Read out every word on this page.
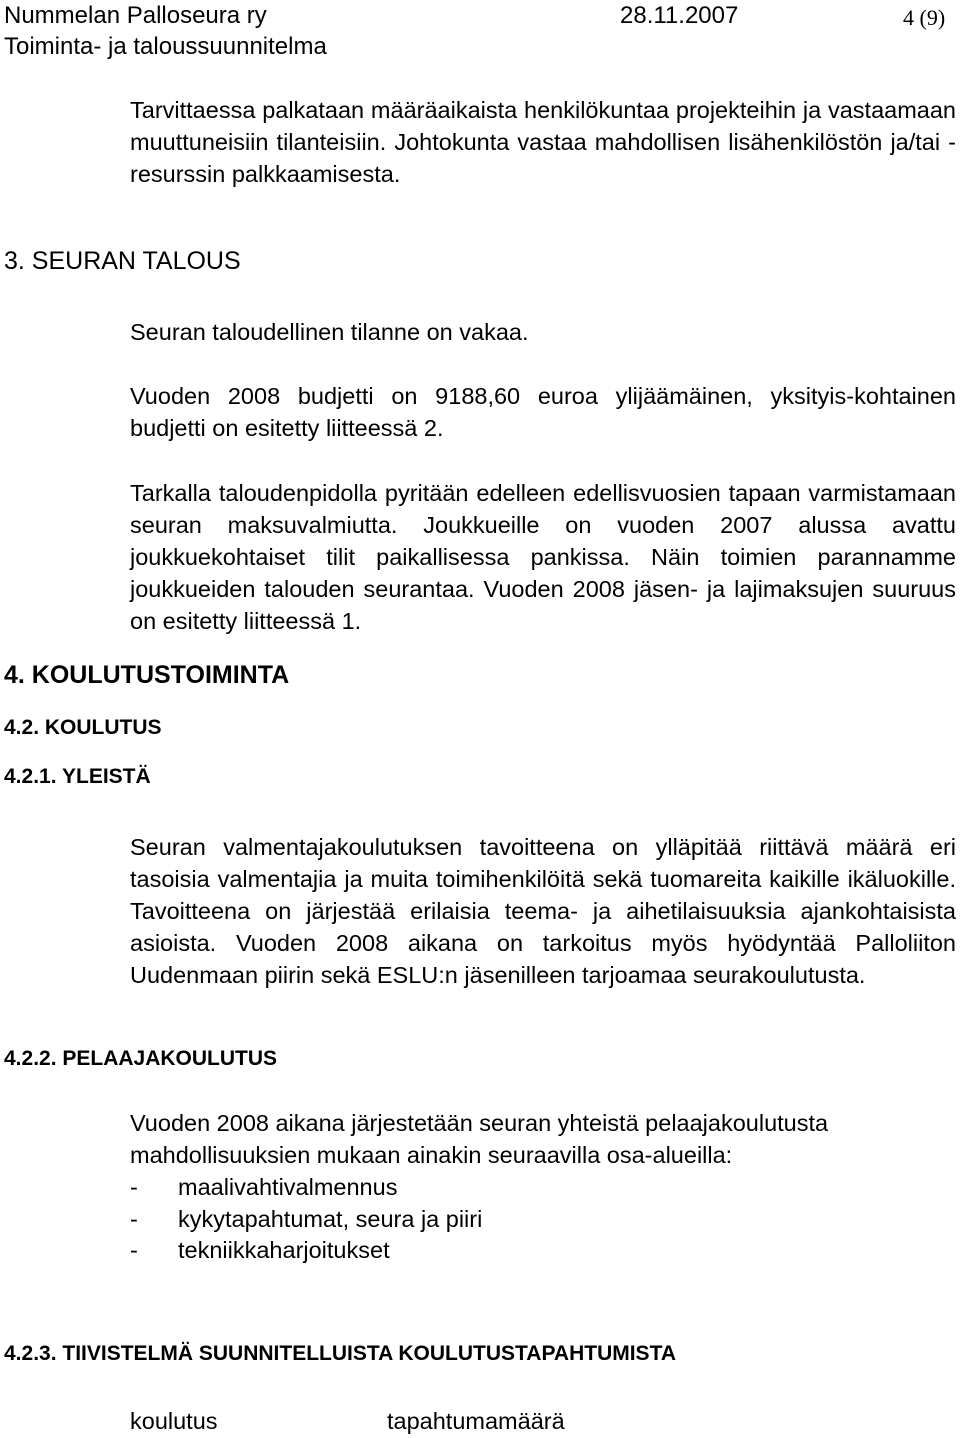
Nummelan Palloseura ry	28.11.2007	4 (9)
Toiminta- ja taloussuunnitelma
Tarvittaessa palkataan määräaikaista henkilökuntaa projekteihin ja vastaamaan muuttuneisiin tilanteisiin. Johtokunta vastaa mahdollisen lisähenkilöstön ja/tai -resurssin palkkaamisesta.
3. SEURAN TALOUS
Seuran taloudellinen tilanne on vakaa.
Vuoden 2008 budjetti on 9188,60 euroa ylijäämäinen, yksityis-kohtainen budjetti on esitetty liitteessä 2.
Tarkalla taloudenpidolla pyritään edelleen edellisvuosien tapaan varmistamaan seuran maksuvalmiutta. Joukkueille on vuoden 2007 alussa avattu joukkuekohtaiset tilit paikallisessa pankissa. Näin toimien parannamme joukkueiden talouden seurantaa. Vuoden 2008 jäsen- ja lajimaksujen suuruus on esitetty liitteessä 1.
4. KOULUTUSTOIMINTA
4.2. KOULUTUS
4.2.1. YLEISTÄ
Seuran valmentajakoulutuksen tavoitteena on ylläpitää riittävä määrä eri tasoisia valmentajia ja muita toimihenkilöitä sekä tuomareita kaikille ikäluokille. Tavoitteena on järjestää erilaisia teema- ja aihetilaisuuksia ajankohtaisista asioista. Vuoden 2008 aikana on tarkoitus myös hyödyntää Palloliiton Uudenmaan piirin sekä ESLU:n jäsenilleen tarjoamaa seurakoulutusta.
4.2.2. PELAAJAKOULUTUS
Vuoden 2008 aikana järjestetään seuran yhteistä pelaajakoulutusta
mahdollisuuksien mukaan ainakin seuraavilla osa-alueilla:
- maalivahtivalmennus
- kykytapahtumat, seura ja piiri
- tekniikkaharjoitukset
4.2.3. TIIVISTELMÄ SUUNNITELLUISTA KOULUTUSTAPAHTUMISTA
koulutus	tapahtumamäärä
